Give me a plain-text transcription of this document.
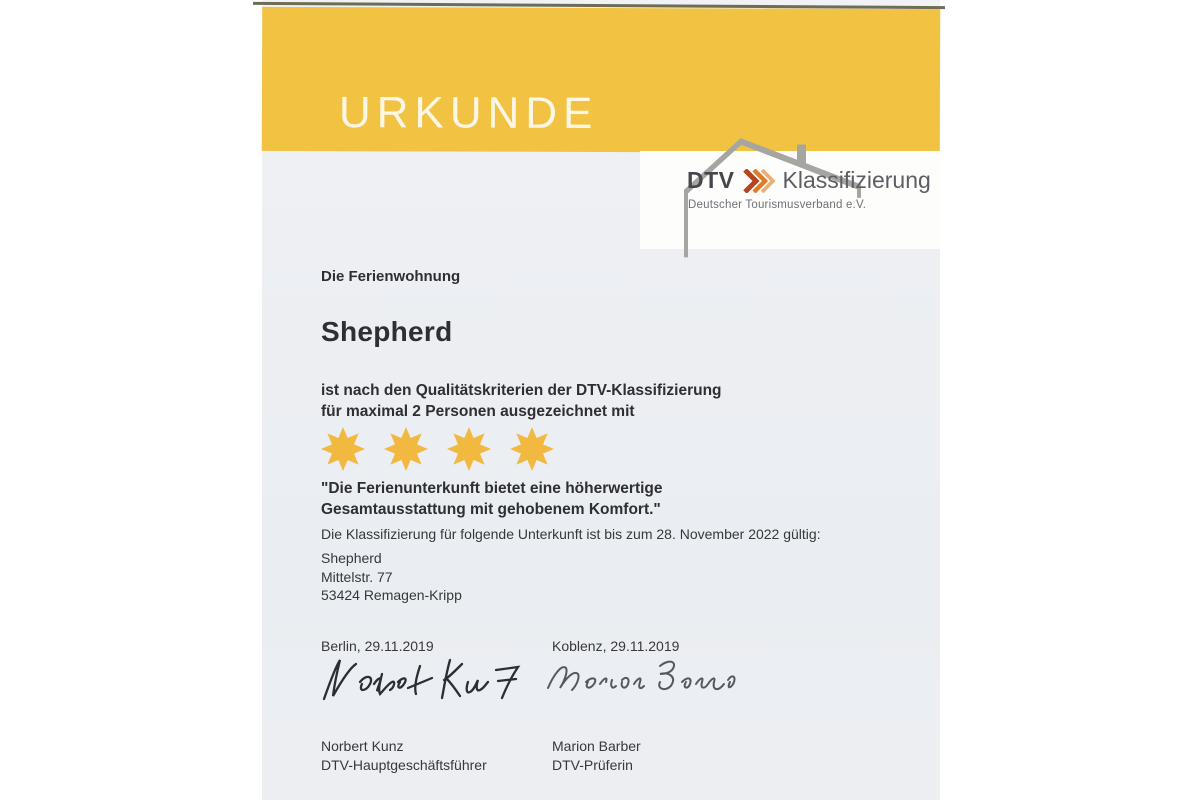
URKUNDE
DTV Klassifizierung
Deutscher Tourismusverband e.V.
Die Ferienwohnung
Shepherd
ist nach den Qualitätskriterien der DTV-Klassifizierung
für maximal 2 Personen ausgezeichnet mit
"Die Ferienunterkunft bietet eine höherwertige
Gesamtausstattung mit gehobenem Komfort."
Die Klassifizierung für folgende Unterkunft ist bis zum 28. November 2022 gültig:
Shepherd
Mittelstr. 77
53424 Remagen-Kripp
Berlin, 29.11.2019	Koblenz, 29.11.2019
Norbert Kunz
DTV-Hauptgeschäftsführer
Marion Barber
DTV-Prüferin
